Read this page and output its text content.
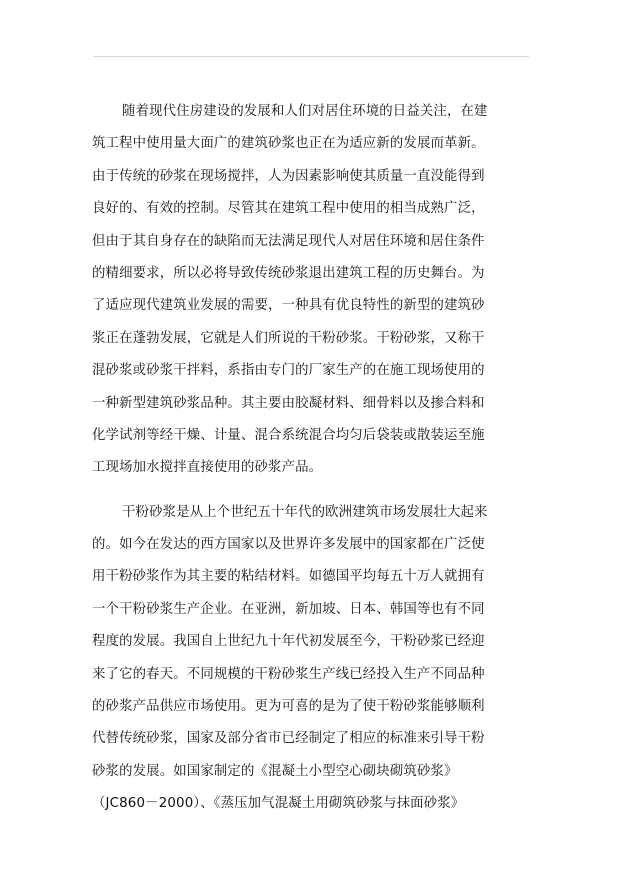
随着现代住房建设的发展和人们对居住环境的日益关注，在建
筑工程中使用量大面广的建筑砂浆也正在为适应新的发展而革新。
由于传统的砂浆在现场搅拌，人为因素影响使其质量一直没能得到
良好的、有效的控制。尽管其在建筑工程中使用的相当成熟广泛，
但由于其自身存在的缺陷而无法满足现代人对居住环境和居住条件
的精细要求，所以必将导致传统砂浆退出建筑工程的历史舞台。为
了适应现代建筑业发展的需要，一种具有优良特性的新型的建筑砂
浆正在蓬勃发展，它就是人们所说的干粉砂浆。干粉砂浆，又称干
混砂浆或砂浆干拌料，系指由专门的厂家生产的在施工现场使用的
一种新型建筑砂浆品种。其主要由胶凝材料、细骨料以及掺合料和
化学试剂等经干燥、计量、混合系统混合均匀后袋装或散装运至施
工现场加水搅拌直接使用的砂浆产品。
干粉砂浆是从上个世纪五十年代的欧洲建筑市场发展壮大起来
的。如今在发达的西方国家以及世界许多发展中的国家都在广泛使
用干粉砂浆作为其主要的粘结材料。如德国平均每五十万人就拥有
一个干粉砂浆生产企业。在亚洲，新加坡、日本、韩国等也有不同
程度的发展。我国自上世纪九十年代初发展至今，干粉砂浆已经迎
来了它的春天。不同规模的干粉砂浆生产线已经投入生产不同品种
的砂浆产品供应市场使用。更为可喜的是为了使干粉砂浆能够顺利
代替传统砂浆，国家及部分省市已经制定了相应的标准来引导干粉
砂浆的发展。如国家制定的《混凝土小型空心砌块砌筑砂浆》
（JC860－2000）、《蒸压加气混凝土用砌筑砂浆与抹面砂浆》
